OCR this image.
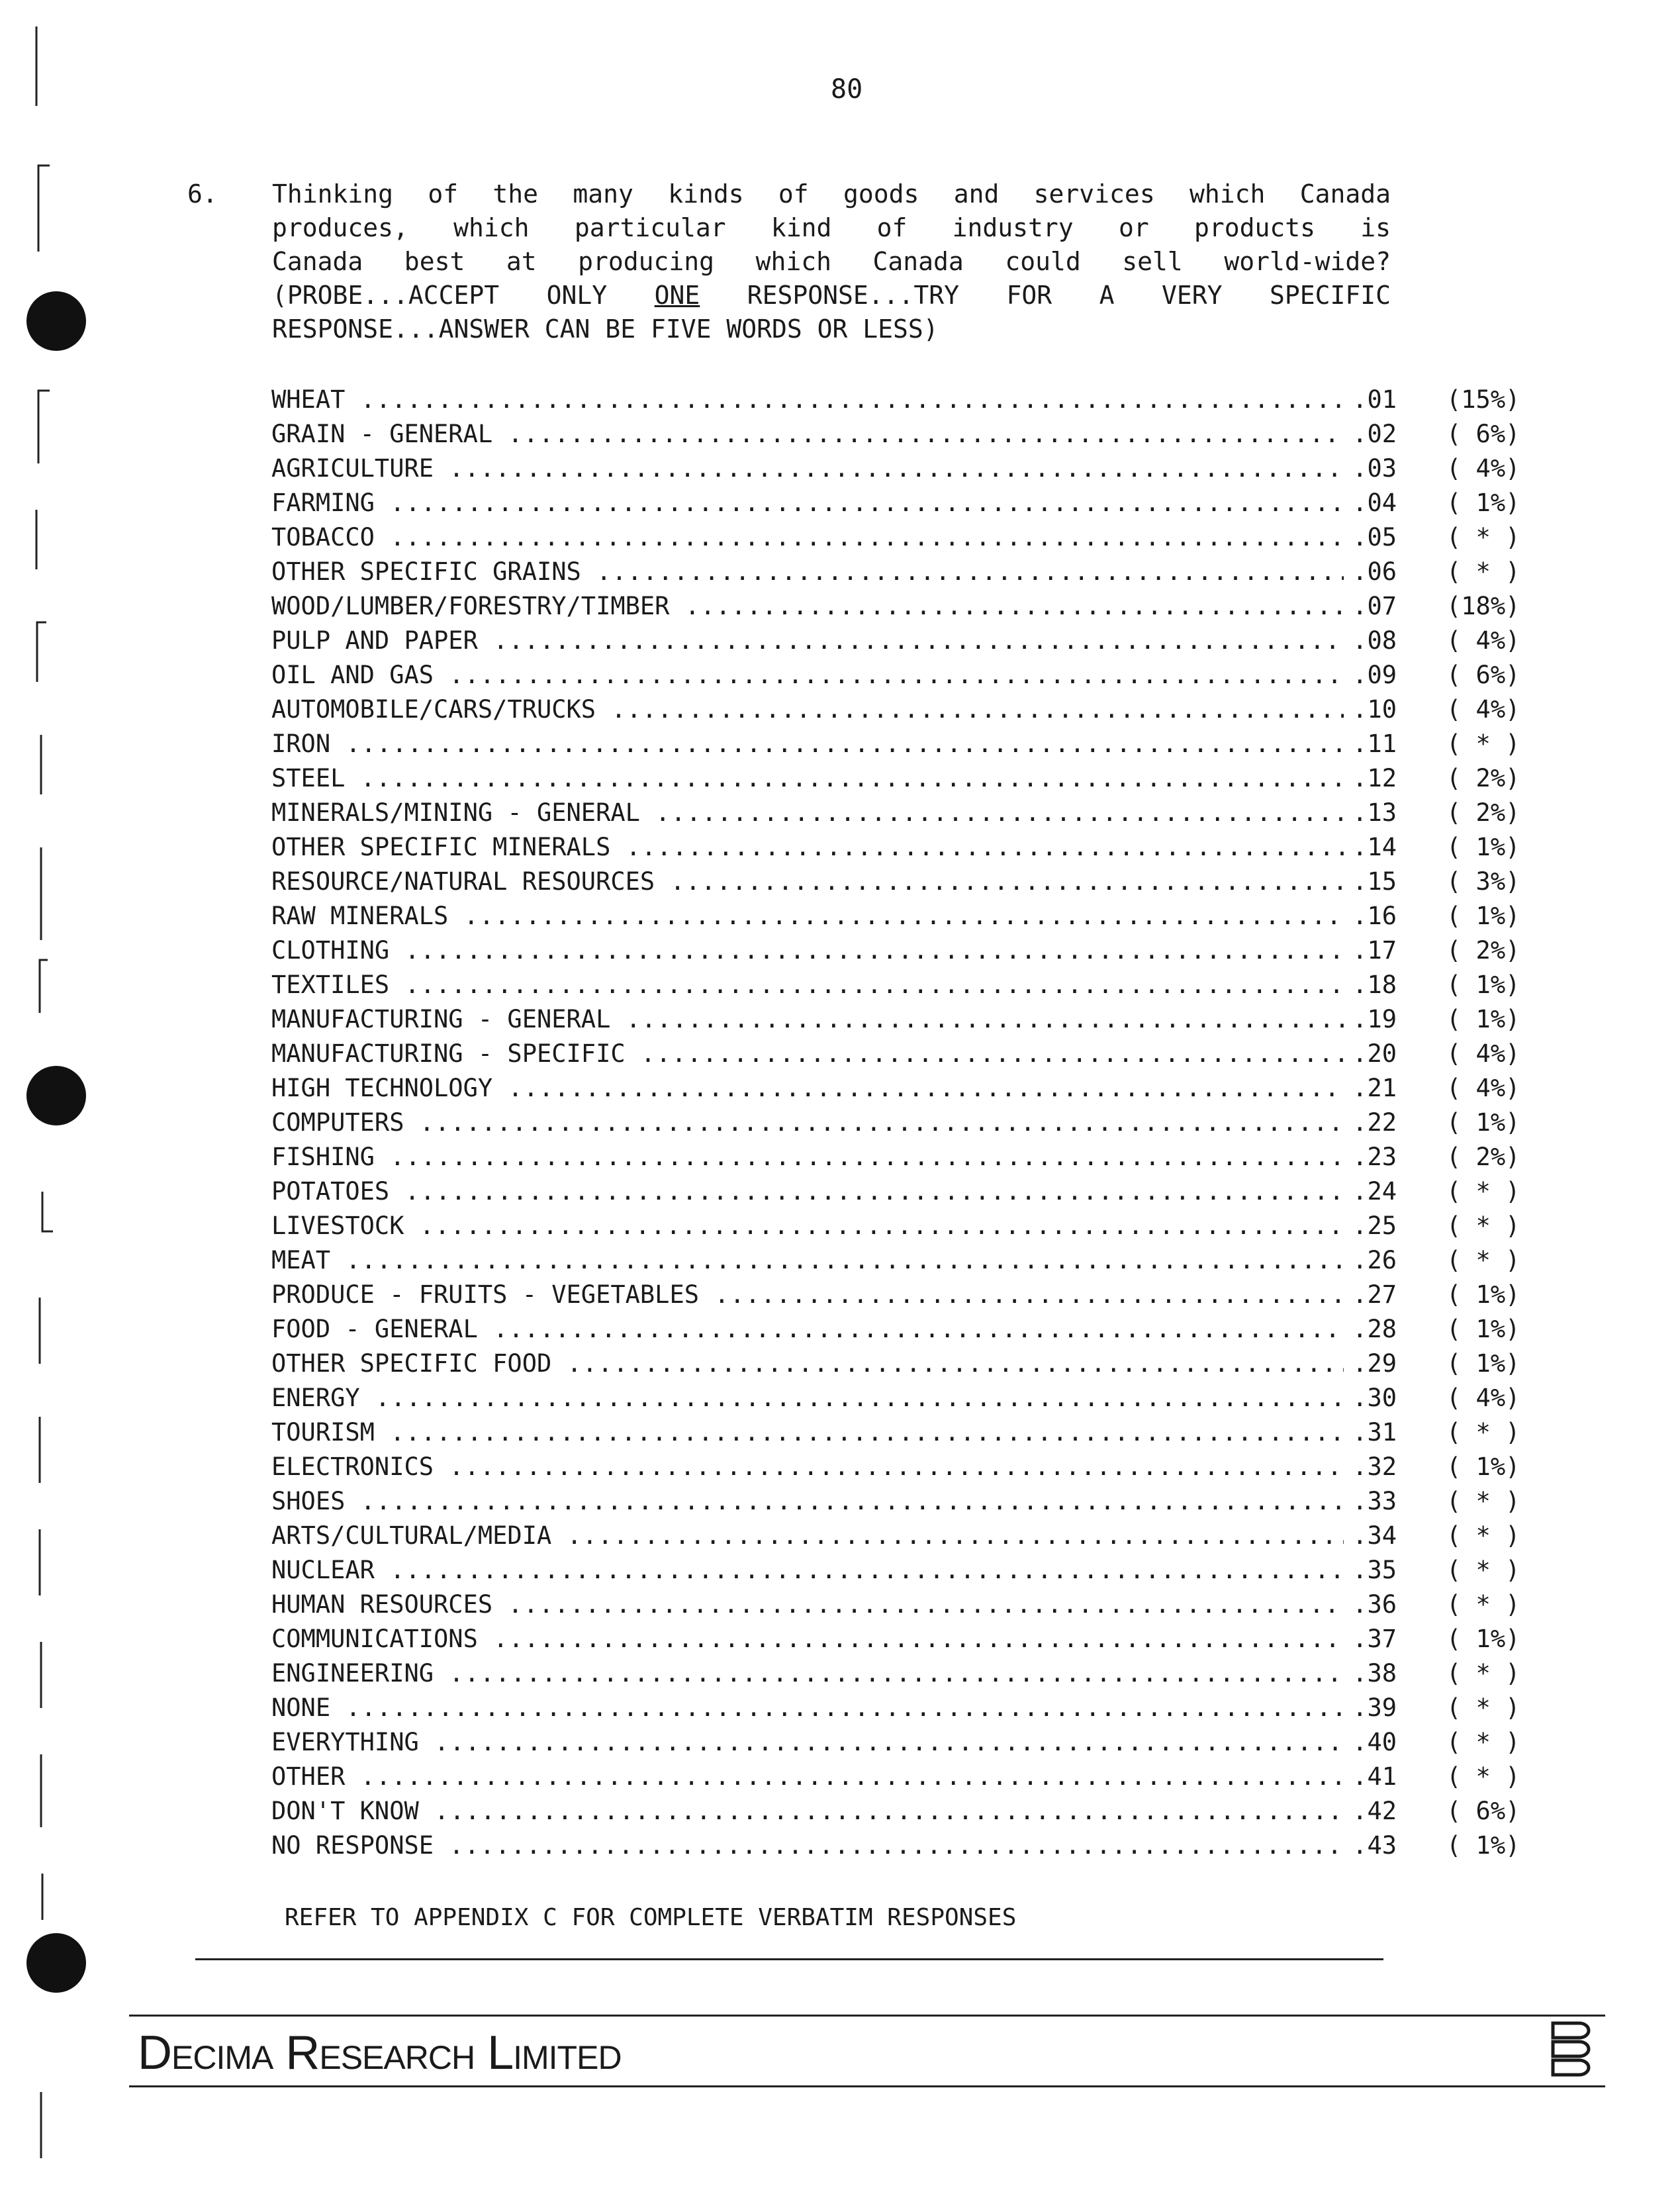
80
6. Thinking of the many kinds of goods and services which Canada
produces, which particular kind of industry or products is
Canada best at producing which Canada could sell world-wide?
(PROBE...ACCEPT ONLY ONE RESPONSE...TRY FOR A VERY SPECIFIC
RESPONSE...ANSWER CAN BE FIVE WORDS OR LESS)
WHEAT .....	.01 (15%)
GRAIN - GENERAL .....	.02 ( 6%)
AGRICULTURE .....	.03 ( 4%)
FARMING .....	.04 ( 1%)
TOBACCO .....	.05 ( * )
OTHER SPECIFIC GRAINS .....	.06 ( * )
WOOD/LUMBER/FORESTRY/TIMBER .....	.07 (18%)
PULP AND PAPER .....	.08 ( 4%)
OIL AND GAS .....	.09 ( 6%)
AUTOMOBILE/CARS/TRUCKS .....	.10 ( 4%)
IRON .....	.11 ( * )
STEEL .....	.12 ( 2%)
MINERALS/MINING - GENERAL .....	.13 ( 2%)
OTHER SPECIFIC MINERALS .....	.14 ( 1%)
RESOURCE/NATURAL RESOURCES .....	.15 ( 3%)
RAW MINERALS .....	.16 ( 1%)
CLOTHING .....	.17 ( 2%)
TEXTILES .....	.18 ( 1%)
MANUFACTURING - GENERAL .....	.19 ( 1%)
MANUFACTURING - SPECIFIC .....	.20 ( 4%)
HIGH TECHNOLOGY .....	.21 ( 4%)
COMPUTERS .....	.22 ( 1%)
FISHING .....	.23 ( 2%)
POTATOES .....	.24 ( * )
LIVESTOCK .....	.25 ( * )
MEAT .....	.26 ( * )
PRODUCE - FRUITS - VEGETABLES .....	.27 ( 1%)
FOOD - GENERAL .....	.28 ( 1%)
OTHER SPECIFIC FOOD .....	.29 ( 1%)
ENERGY .....	.30 ( 4%)
TOURISM .....	.31 ( * )
ELECTRONICS .....	.32 ( 1%)
SHOES .....	.33 ( * )
ARTS/CULTURAL/MEDIA .....	.34 ( * )
NUCLEAR .....	.35 ( * )
HUMAN RESOURCES .....	.36 ( * )
COMMUNICATIONS .....	.37 ( 1%)
ENGINEERING .....	.38 ( * )
NONE .....	.39 ( * )
EVERYTHING .....	.40 ( * )
OTHER .....	.41 ( * )
DON'T KNOW .....	.42 ( 6%)
NO RESPONSE .....	.43 ( 1%)
REFER TO APPENDIX C FOR COMPLETE VERBATIM RESPONSES
Decima Research Limited
